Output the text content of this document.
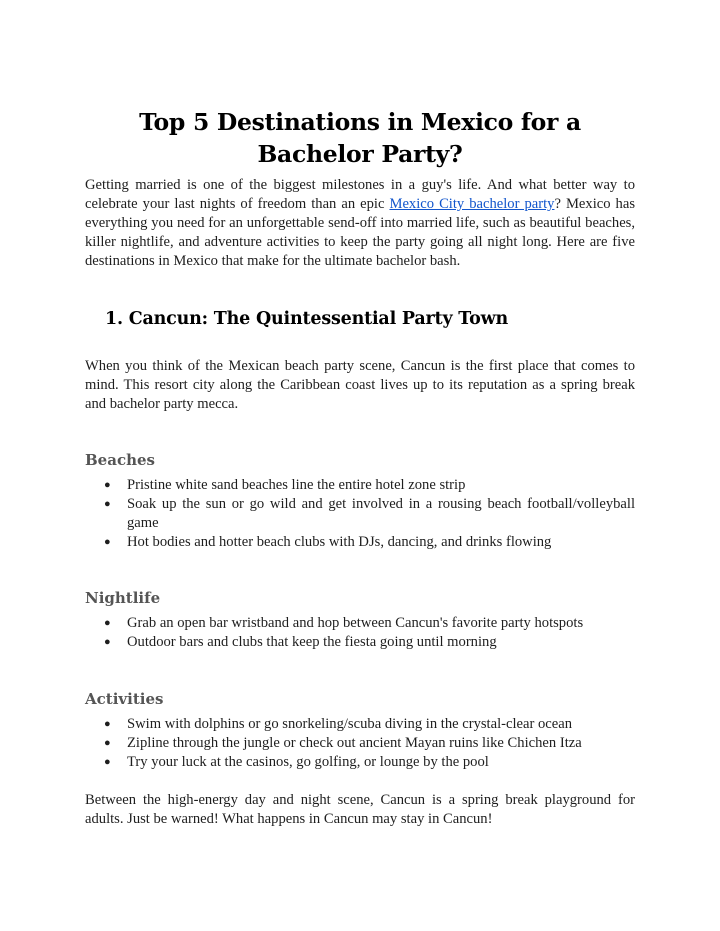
Top 5 Destinations in Mexico for a Bachelor Party?

Getting married is one of the biggest milestones in a guy's life. And what better way to celebrate your last nights of freedom than an epic Mexico City bachelor party? Mexico has everything you need for an unforgettable send-off into married life, such as beautiful beaches, killer nightlife, and adventure activities to keep the party going all night long. Here are five destinations in Mexico that make for the ultimate bachelor bash.

1. Cancun: The Quintessential Party Town

When you think of the Mexican beach party scene, Cancun is the first place that comes to mind. This resort city along the Caribbean coast lives up to its reputation as a spring break and bachelor party mecca.

Beaches
● Pristine white sand beaches line the entire hotel zone strip
● Soak up the sun or go wild and get involved in a rousing beach football/volleyball game
● Hot bodies and hotter beach clubs with DJs, dancing, and drinks flowing
Nightlife
● Grab an open bar wristband and hop between Cancun's favorite party hotspots
● Outdoor bars and clubs that keep the fiesta going until morning
Activities
● Swim with dolphins or go snorkeling/scuba diving in the crystal-clear ocean
● Zipline through the jungle or check out ancient Mayan ruins like Chichen Itza
● Try your luck at the casinos, go golfing, or lounge by the pool

Between the high-energy day and night scene, Cancun is a spring break playground for adults. Just be warned! What happens in Cancun may stay in Cancun!
